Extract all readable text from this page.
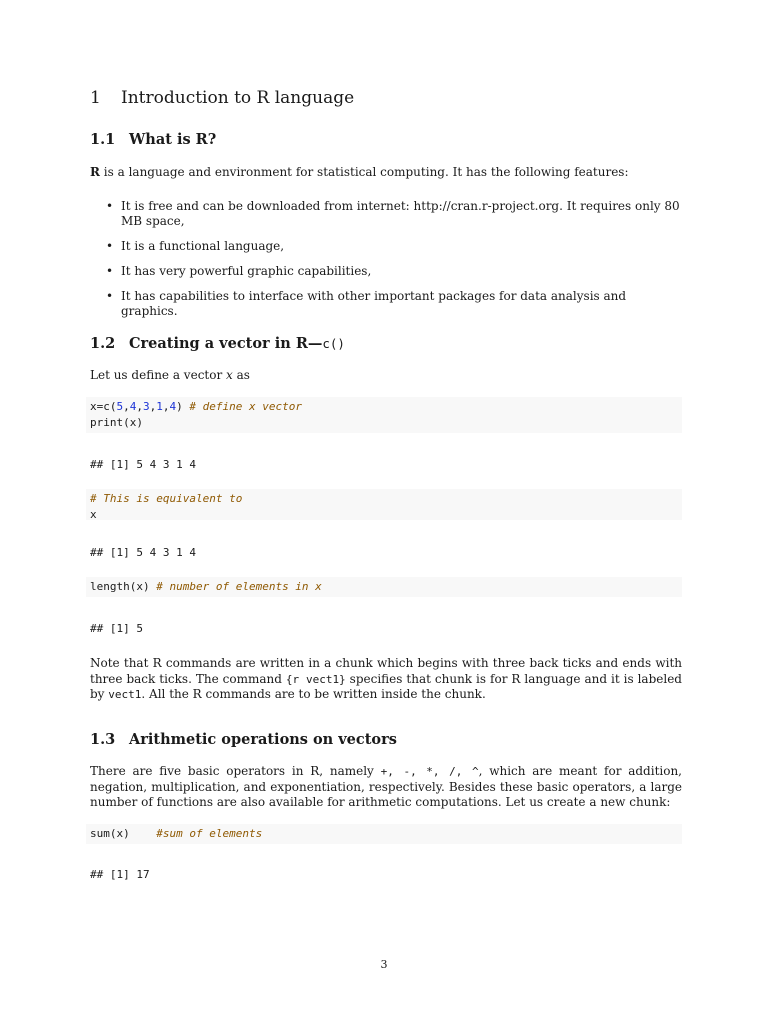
1 Introduction to R language
1.1 What is R?

R is a language and environment for statistical computing. It has the following features:

• It is free and can be downloaded from internet: http://cran.r-project.org. It requires only 80 MB space,
• It is a functional language,
• It has very powerful graphic capabilities,
• It has capabilities to interface with other important packages for data analysis and graphics.
1.2 Creating a vector in R—c()

Let us define a vector x as

x=c(5,4,3,1,4) # define x vector
print(x)
## [1] 5 4 3 1 4
# This is equivalent to
x
## [1] 5 4 3 1 4
length(x) # number of elements in x
## [1] 5

Note that R commands are written in a chunk which begins with three back ticks and ends with three back ticks. The command {r vect1} specifies that chunk is for R language and it is labeled by vect1. All the R commands are to be written inside the chunk.

1.3 Arithmetic operations on vectors

There are five basic operators in R, namely +, -, *, /, ^, which are meant for addition, negation, multiplication, and exponentiation, respectively. Besides these basic operators, a large number of functions are also available for arithmetic computations. Let us create a new chunk:

sum(x)    #sum of elements
## [1] 17
3
